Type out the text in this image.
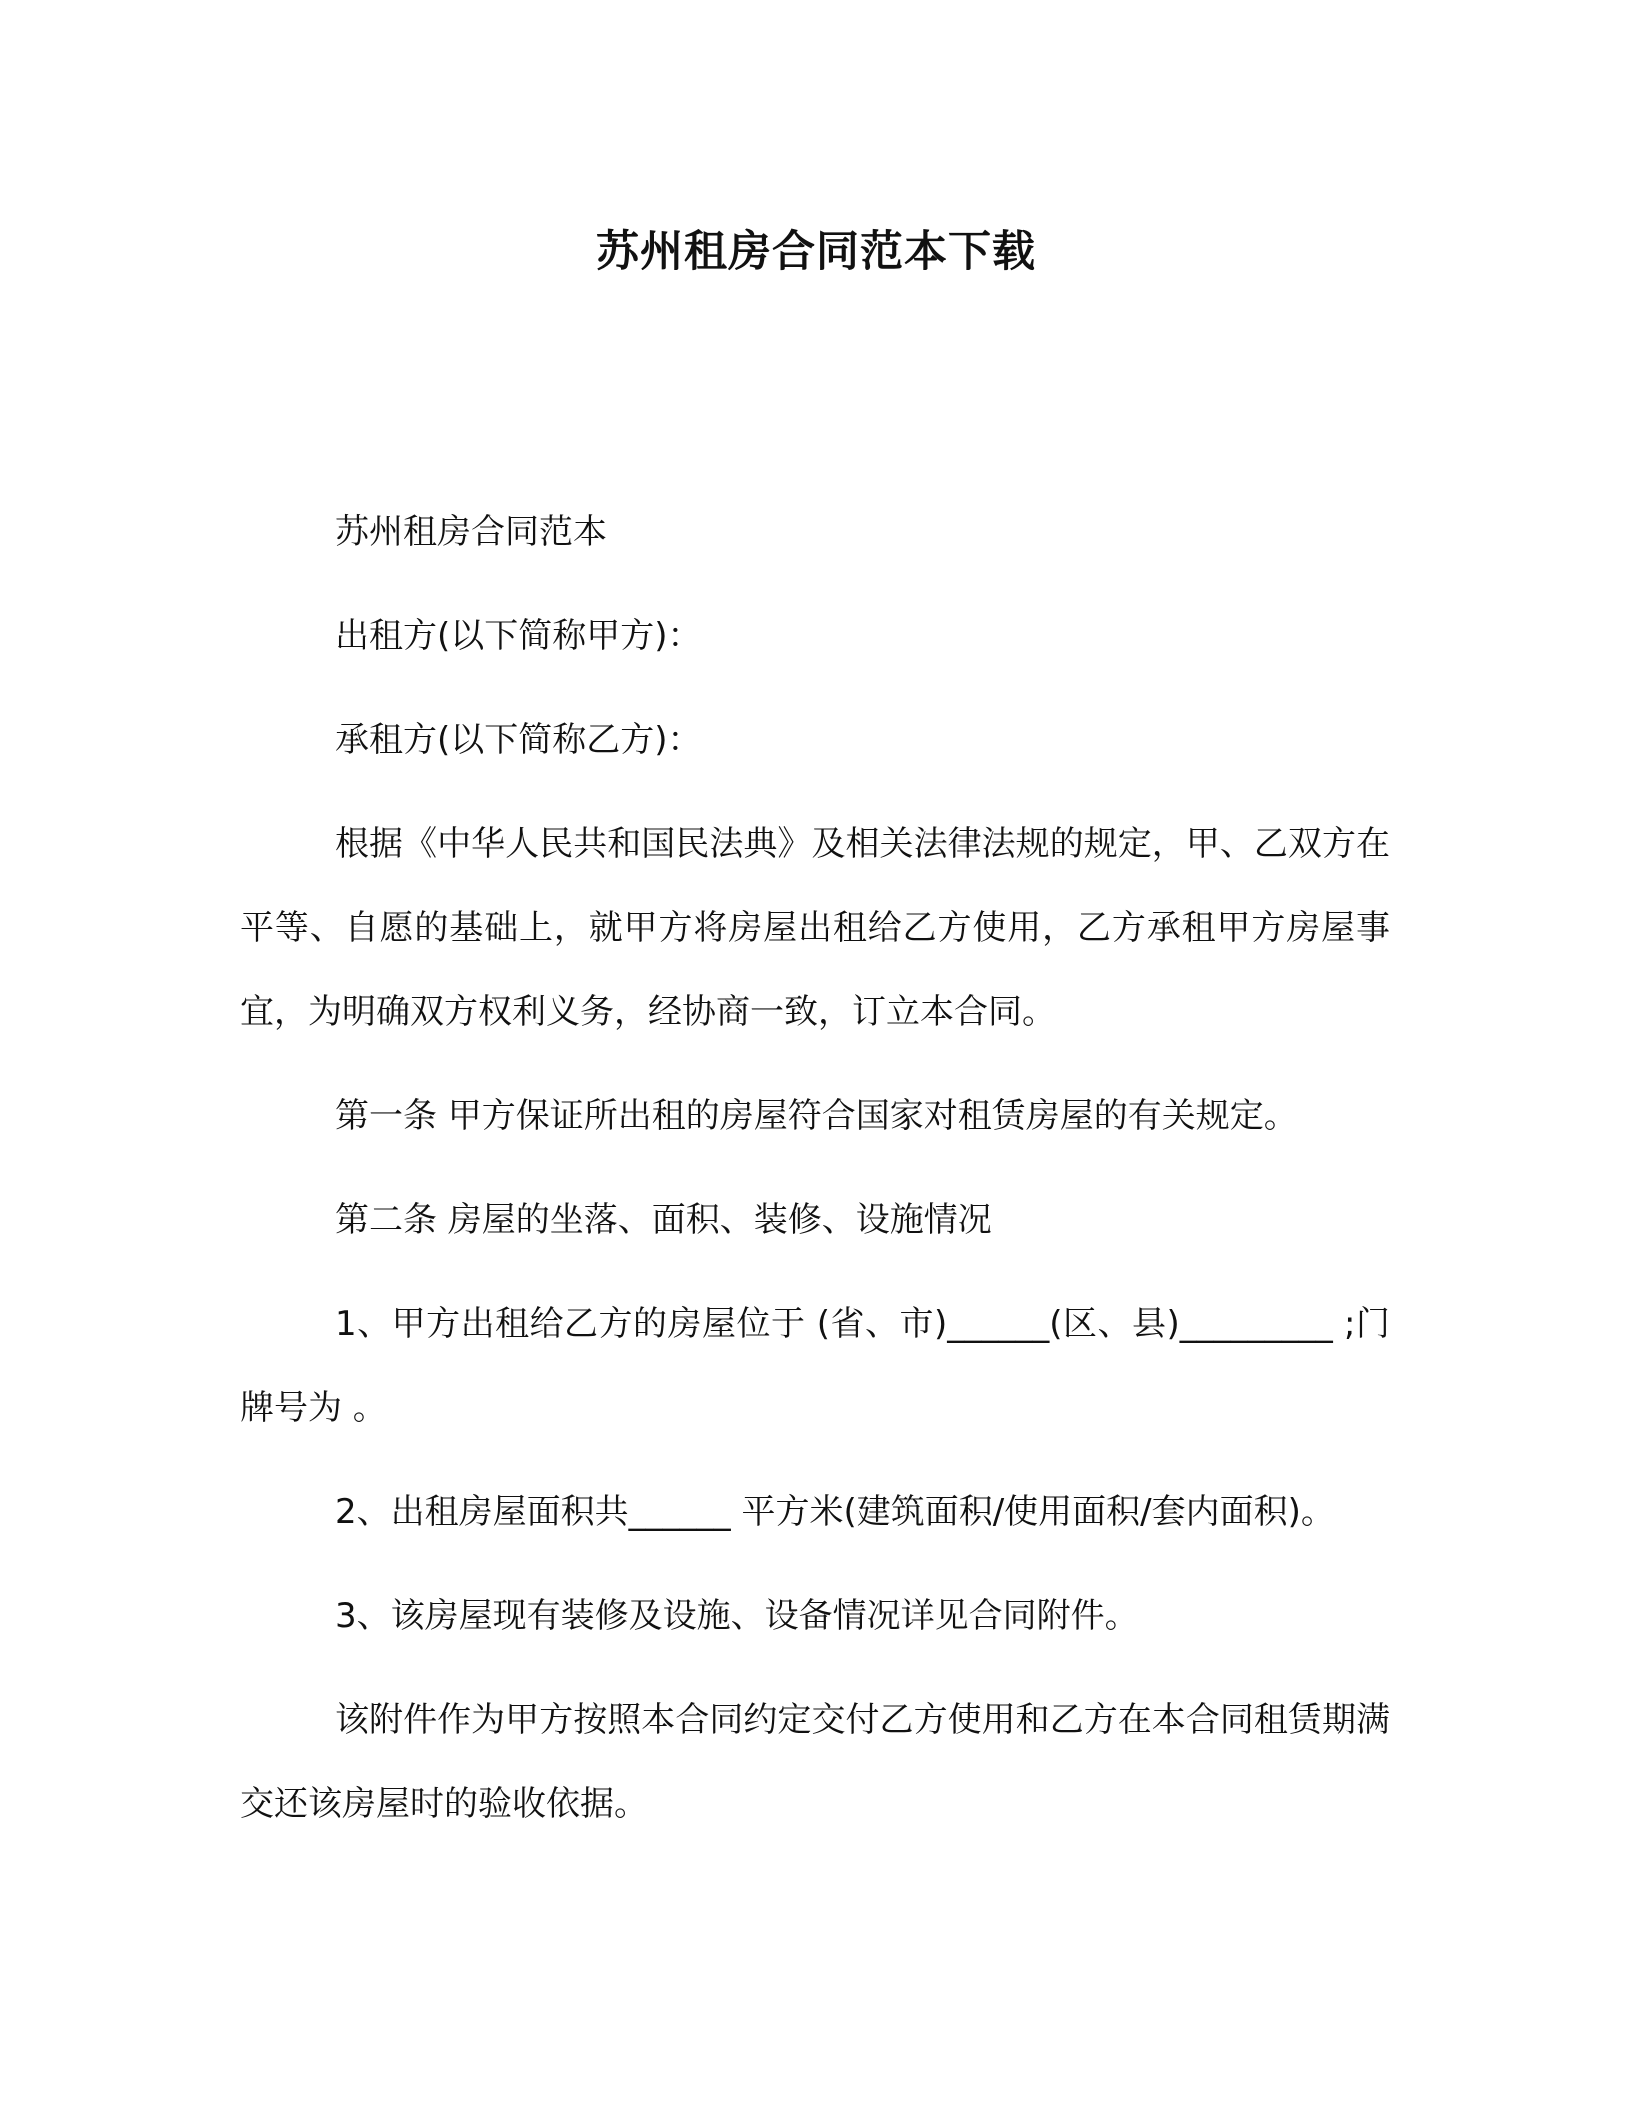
苏州租房合同范本下载

苏州租房合同范本

出租方(以下简称甲方)：

承租方(以下简称乙方)：

根据《中华人民共和国民法典》及相关法律法规的规定，甲、乙双方在平等、自愿的基础上，就甲方将房屋出租给乙方使用，乙方承租甲方房屋事宜，为明确双方权利义务，经协商一致，订立本合同。

第一条 甲方保证所出租的房屋符合国家对租赁房屋的有关规定。

第二条 房屋的坐落、面积、装修、设施情况

1、甲方出租给乙方的房屋位于 (省、市)______(区、县)_________ ;门牌号为 。

2、出租房屋面积共______ 平方米(建筑面积/使用面积/套内面积)。

3、该房屋现有装修及设施、设备情况详见合同附件。

该附件作为甲方按照本合同约定交付乙方使用和乙方在本合同租赁期满交还该房屋时的验收依据。
